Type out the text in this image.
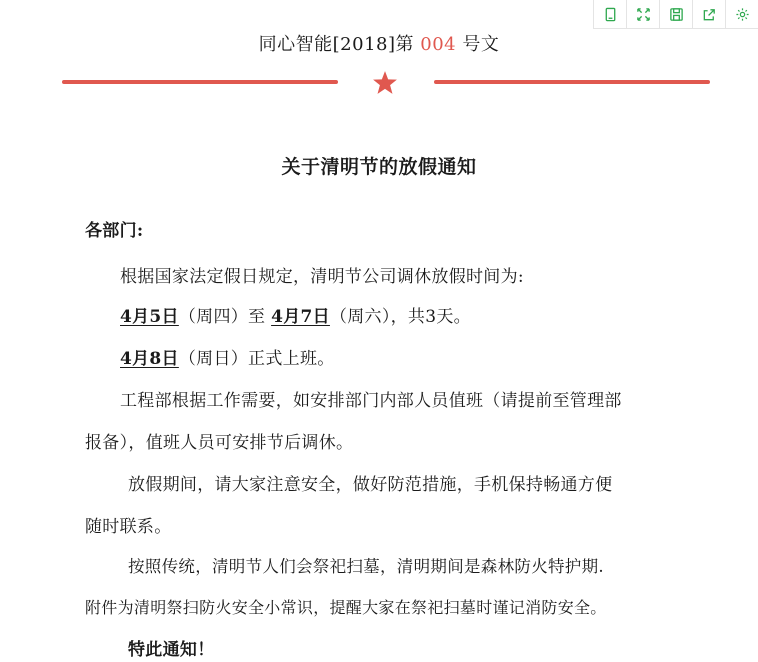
同心智能[2018]第 004 号文
关于清明节的放假通知
各部门:
根据国家法定假日规定，清明节公司调休放假时间为:
4月5日（周四）至 4月7日（周六），共3天。
4月8日（周日）正式上班。
工程部根据工作需要，如安排部门内部人员值班（请提前至管理部
报备），值班人员可安排节后调休。
放假期间，请大家注意安全，做好防范措施，手机保持畅通方便
随时联系。
按照传统，清明节人们会祭祀扫墓，清明期间是森林防火特护期.
附件为清明祭扫防火安全小常识，提醒大家在祭祀扫墓时谨记消防安全。
特此通知！
